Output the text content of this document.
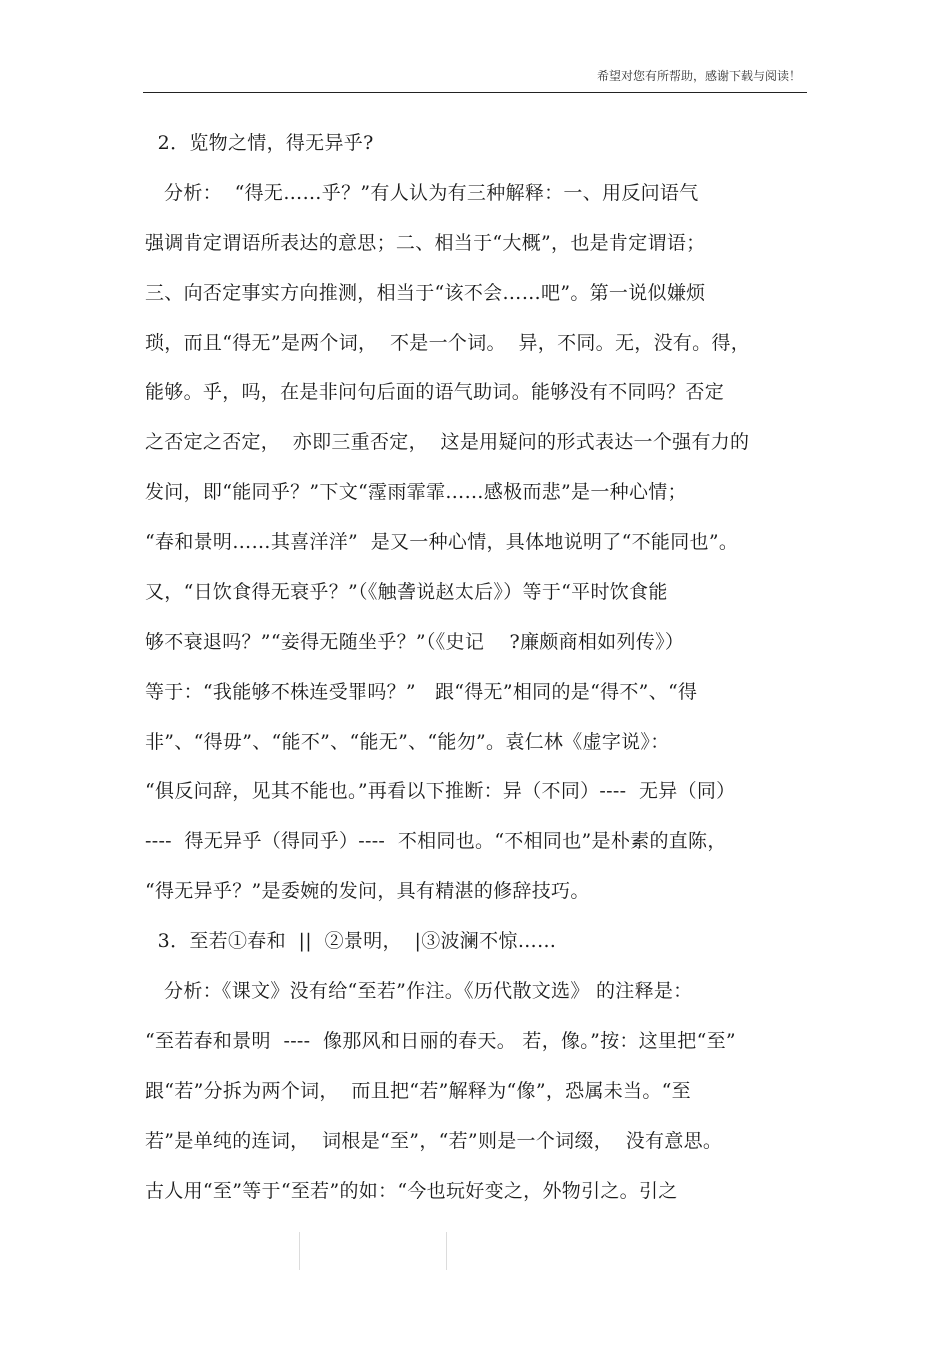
希望对您有所帮助，感谢下载与阅读！
2．览物之情，得无异乎?
分析：  “得无……乎？”有人认为有三种解释：一、用反问语气
强调肯定谓语所表达的意思；二、相当于“大概”，也是肯定谓语；
三、向否定事实方向推测，相当于“该不会……吧”。第一说似嫌烦
琐，而且“得无”是两个词，  不是一个词。  异，不同。无，没有。得，
能够。乎，吗，在是非问句后面的语气助词。能够没有不同吗？否定
之否定之否定，  亦即三重否定，  这是用疑问的形式表达一个强有力的
发问，即“能同乎？”下文“霪雨霏霏……感极而悲”是一种心情；
“春和景明……其喜洋洋”  是又一种心情，具体地说明了“不能同也”。
又，“日饮食得无衰乎？”（《触詟说赵太后》）等于“平时饮食能
够不衰退吗？”“妾得无随坐乎？”（《史记    ?廉颇商相如列传》）
等于：“我能够不株连受罪吗？”   跟“得无”相同的是“得不”、“得
非”、“得毋”、“能不”、“能无”、“能勿”。袁仁林《虚字说》：
“俱反问辞，见其不能也。”再看以下推断：异（不同）----  无异（同）
----  得无异乎（得同乎）----  不相同也。“不相同也”是朴素的直陈，
“得无异乎？”是委婉的发问，具有精湛的修辞技巧。
3．至若①春和  ||  ②景明，  |③波澜不惊……
分析：《课文》没有给“至若”作注。《历代散文选》 的注释是：
“至若春和景明  ----  像那风和日丽的春天。 若，像。”按：这里把“至”
跟“若”分拆为两个词，  而且把“若”解释为“像”，恐属未当。“至
若”是单纯的连词，  词根是“至”，“若”则是一个词缀，  没有意思。
古人用“至”等于“至若”的如：“今也玩好变之，外物引之。引之
